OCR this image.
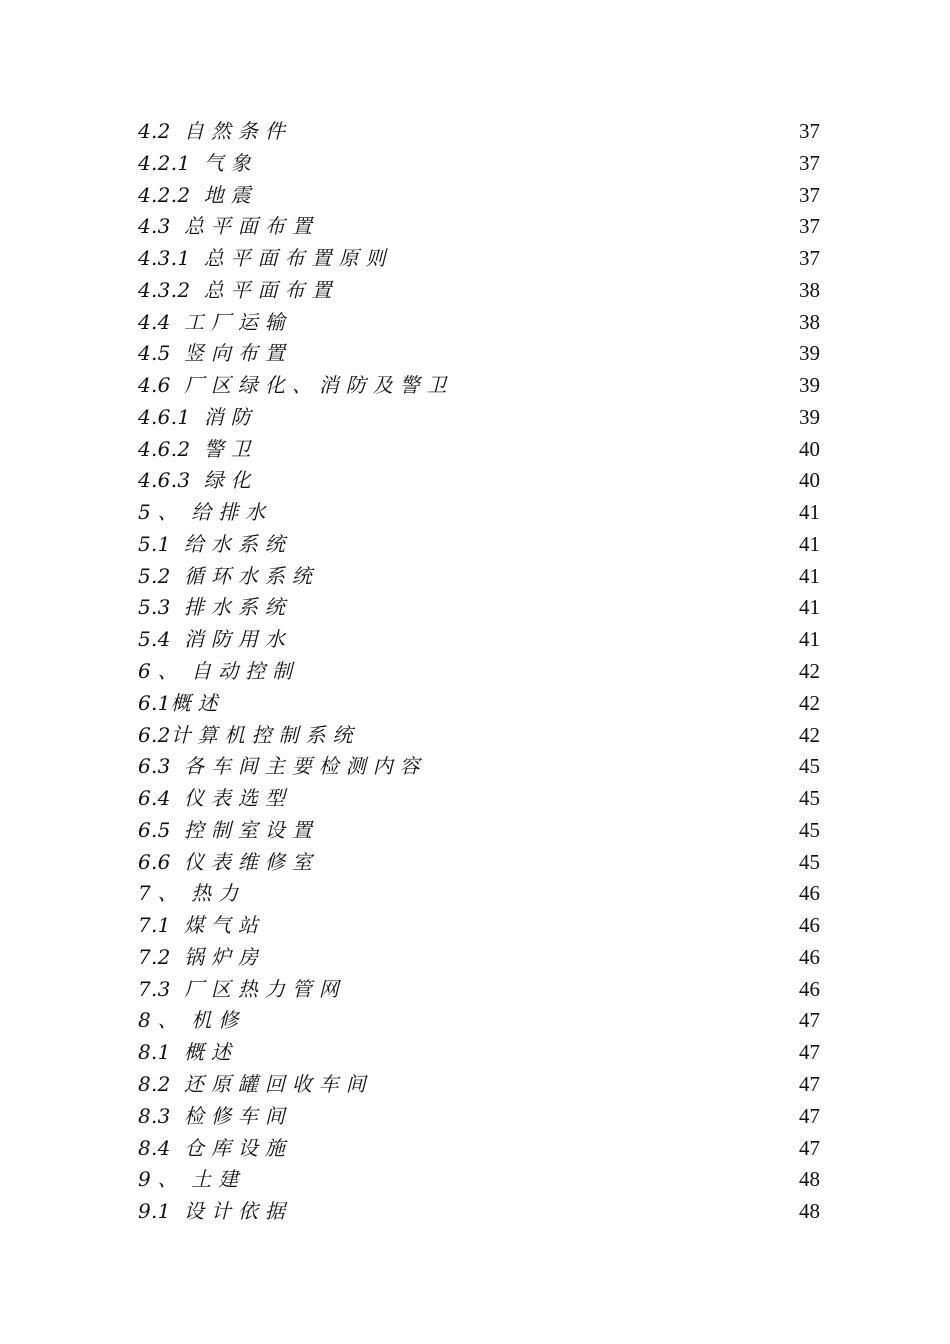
4.2  自 然 条 件	37
4.2.1  气 象	37
4.2.2  地 震	37
4.3  总 平 面 布 置	37
4.3.1  总 平 面 布 置 原 则	37
4.3.2  总 平 面 布 置	38
4.4  工 厂 运 输	38
4.5  竖 向 布 置	39
4.6  厂 区 绿 化 、 消 防 及 警 卫	39
4.6.1  消 防	39
4.6.2  警 卫	40
4.6.3  绿 化	40
5 、  给 排 水	41
5.1  给 水 系 统	41
5.2  循 环 水 系 统	41
5.3  排 水 系 统	41
5.4  消 防 用 水	41
6 、  自 动 控 制	42
6.1概 述	42
6.2计 算 机 控 制 系 统	42
6.3  各 车 间 主 要 检 测 内 容	45
6.4  仪 表 选 型	45
6.5  控 制 室 设 置	45
6.6  仪 表 维 修 室	45
7 、  热 力	46
7.1  煤 气 站	46
7.2  锅 炉 房	46
7.3  厂 区 热 力 管 网	46
8 、  机 修	47
8.1  概 述	47
8.2  还 原 罐 回 收 车 间	47
8.3  检 修 车 间	47
8.4  仓 库 设 施	47
9 、  土 建	48
9.1  设 计 依 据	48
